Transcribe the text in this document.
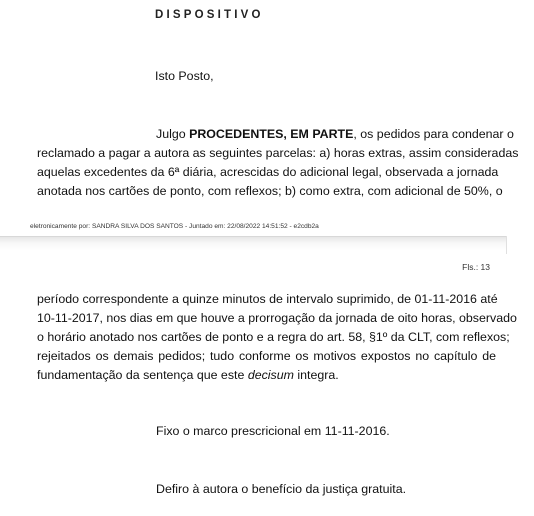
DISPOSITIVO
Isto Posto,
Julgo PROCEDENTES, EM PARTE, os pedidos para condenar o
reclamado a pagar a autora as seguintes parcelas: a) horas extras, assim consideradas
aquelas excedentes da 6ª diária, acrescidas do adicional legal, observada a jornada
anotada nos cartões de ponto, com reflexos; b) como extra, com adicional de 50%, o
eletronicamente por: SANDRA SILVA DOS SANTOS - Juntado em: 22/08/2022 14:51:52 - e2cdb2a
Fls.: 13
período correspondente a quinze minutos de intervalo suprimido, de 01-11-2016 até
10-11-2017, nos dias em que houve a prorrogação da jornada de oito horas, observado
o horário anotado nos cartões de ponto e a regra do art. 58, §1º da CLT, com reflexos;
rejeitados os demais pedidos; tudo conforme os motivos expostos no capítulo de
fundamentação da sentença que este decisum integra.
Fixo o marco prescricional em 11-11-2016.
Defiro à autora o benefício da justiça gratuita.
